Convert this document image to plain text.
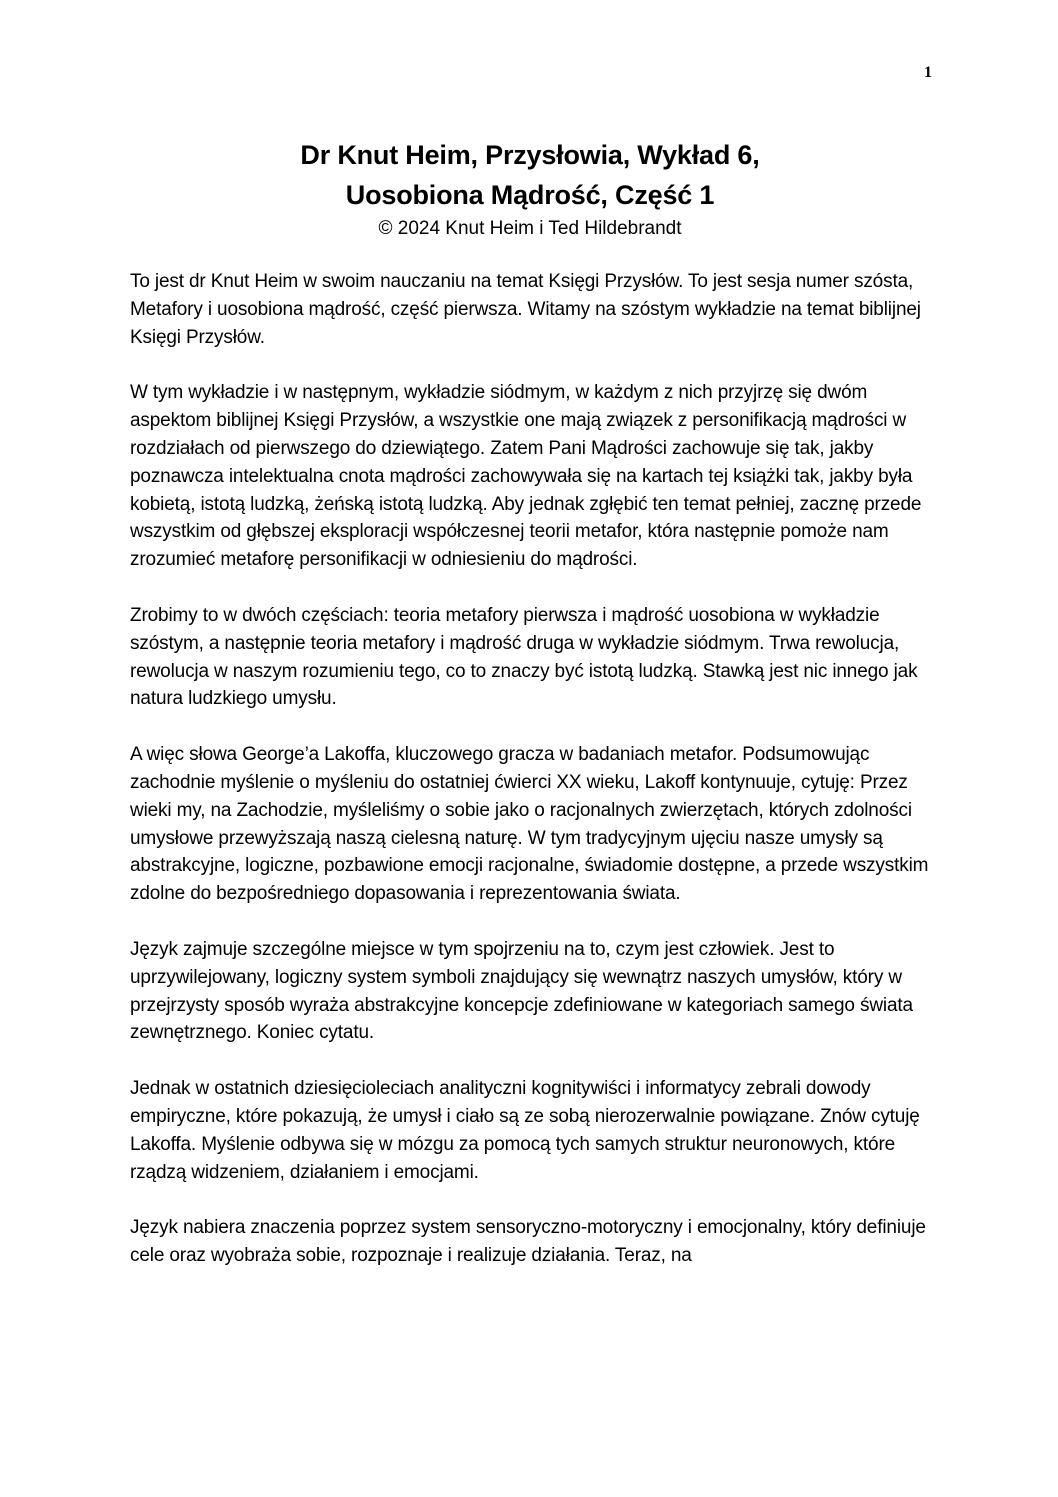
1
Dr Knut Heim, Przysłowia, Wykład 6,
Uosobiona Mądrość, Część 1
© 2024 Knut Heim i Ted Hildebrandt

To jest dr Knut Heim w swoim nauczaniu na temat Księgi Przysłów. To jest sesja numer szósta, Metafory i uosobiona mądrość, część pierwsza. Witamy na szóstym wykładzie na temat biblijnej Księgi Przysłów.

W tym wykładzie i w następnym, wykładzie siódmym, w każdym z nich przyjrzę się dwóm aspektom biblijnej Księgi Przysłów, a wszystkie one mają związek z personifikacją mądrości w rozdziałach od pierwszego do dziewiątego. Zatem Pani Mądrości zachowuje się tak, jakby poznawcza intelektualna cnota mądrości zachowywała się na kartach tej książki tak, jakby była kobietą, istotą ludzką, żeńską istotą ludzką. Aby jednak zgłębić ten temat pełniej, zacznę przede wszystkim od głębszej eksploracji współczesnej teorii metafor, która następnie pomoże nam zrozumieć metaforę personifikacji w odniesieniu do mądrości.

Zrobimy to w dwóch częściach: teoria metafory pierwsza i mądrość uosobiona w wykładzie szóstym, a następnie teoria metafory i mądrość druga w wykładzie siódmym. Trwa rewolucja, rewolucja w naszym rozumieniu tego, co to znaczy być istotą ludzką. Stawką jest nic innego jak natura ludzkiego umysłu.

A więc słowa George’a Lakoffa, kluczowego gracza w badaniach metafor. Podsumowując zachodnie myślenie o myśleniu do ostatniej ćwierci XX wieku, Lakoff kontynuuje, cytuję: Przez wieki my, na Zachodzie, myśleliśmy o sobie jako o racjonalnych zwierzętach, których zdolności umysłowe przewyższają naszą cielesną naturę. W tym tradycyjnym ujęciu nasze umysły są abstrakcyjne, logiczne, pozbawione emocji racjonalne, świadomie dostępne, a przede wszystkim zdolne do bezpośredniego dopasowania i reprezentowania świata.

Język zajmuje szczególne miejsce w tym spojrzeniu na to, czym jest człowiek. Jest to uprzywilejowany, logiczny system symboli znajdujący się wewnątrz naszych umysłów, który w przejrzysty sposób wyraża abstrakcyjne koncepcje zdefiniowane w kategoriach samego świata zewnętrznego. Koniec cytatu.

Jednak w ostatnich dziesięcioleciach analityczni kognitywiści i informatycy zebrali dowody empiryczne, które pokazują, że umysł i ciało są ze sobą nierozerwalnie powiązane. Znów cytuję Lakoffa. Myślenie odbywa się w mózgu za pomocą tych samych struktur neuronowych, które rządzą widzeniem, działaniem i emocjami.

Język nabiera znaczenia poprzez system sensoryczno-motoryczny i emocjonalny, który definiuje cele oraz wyobraża sobie, rozpoznaje i realizuje działania. Teraz, na
